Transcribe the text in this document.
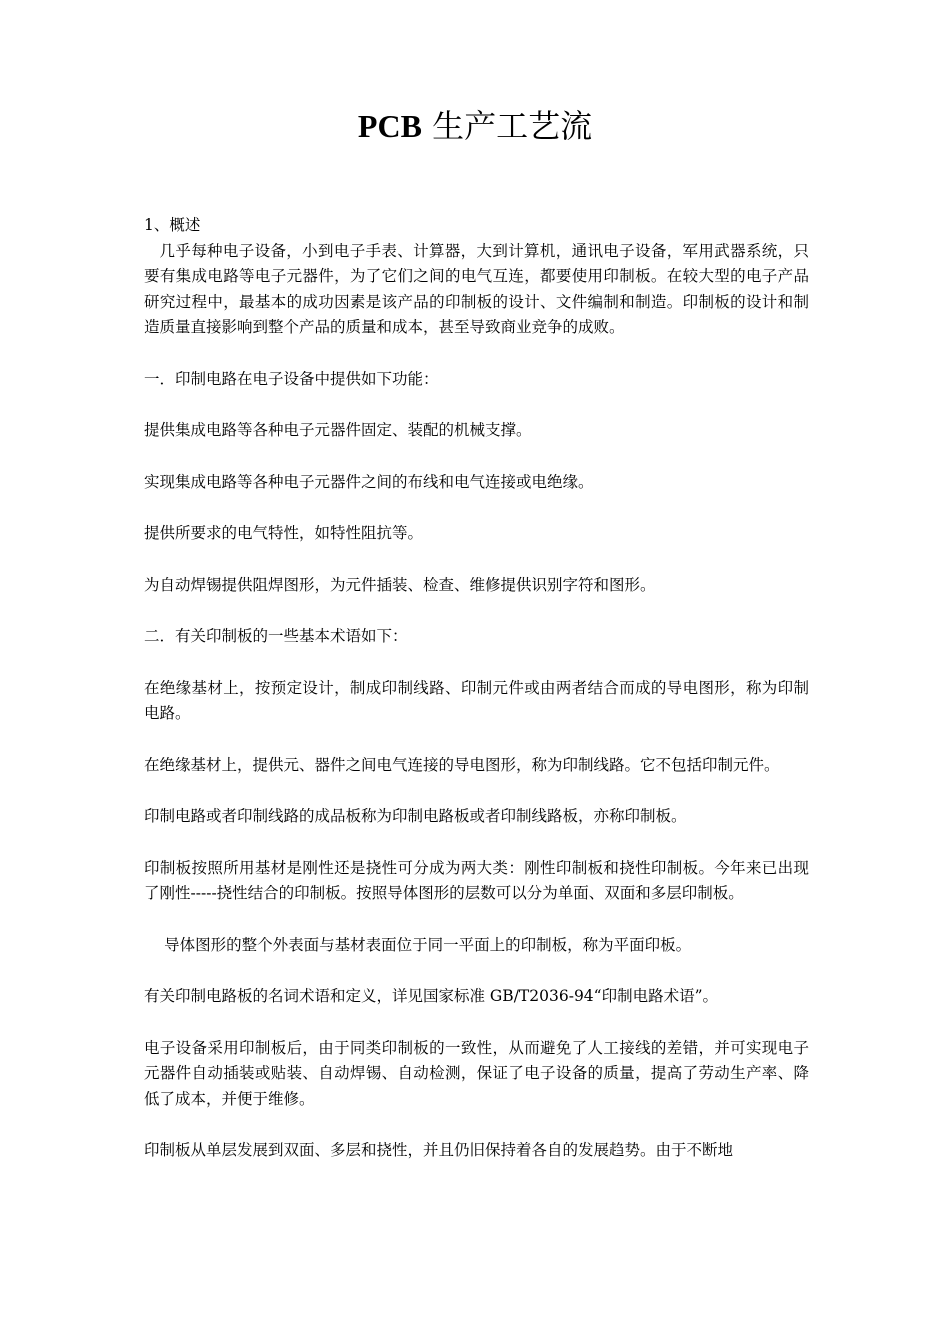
PCB 生产工艺流

1、概述

几乎每种电子设备，小到电子手表、计算器，大到计算机，通讯电子设备，军用武器系统，只要有集成电路等电子元器件，为了它们之间的电气互连，都要使用印制板。在较大型的电子产品研究过程中，最基本的成功因素是该产品的印制板的设计、文件编制和制造。印制板的设计和制造质量直接影响到整个产品的质量和成本，甚至导致商业竞争的成败。

一．印制电路在电子设备中提供如下功能：

提供集成电路等各种电子元器件固定、装配的机械支撑。

实现集成电路等各种电子元器件之间的布线和电气连接或电绝缘。

提供所要求的电气特性，如特性阻抗等。

为自动焊锡提供阻焊图形，为元件插装、检查、维修提供识别字符和图形。

二．有关印制板的一些基本术语如下：

在绝缘基材上，按预定设计，制成印制线路、印制元件或由两者结合而成的导电图形，称为印制电路。

在绝缘基材上，提供元、器件之间电气连接的导电图形，称为印制线路。它不包括印制元件。

印制电路或者印制线路的成品板称为印制电路板或者印制线路板，亦称印制板。

印制板按照所用基材是刚性还是挠性可分成为两大类：刚性印制板和挠性印制板。今年来已出现了刚性-----挠性结合的印制板。按照导体图形的层数可以分为单面、双面和多层印制板。

导体图形的整个外表面与基材表面位于同一平面上的印制板，称为平面印板。

有关印制电路板的名词术语和定义，详见国家标准 GB/T2036-94“印制电路术语”。

电子设备采用印制板后，由于同类印制板的一致性，从而避免了人工接线的差错，并可实现电子元器件自动插装或贴装、自动焊锡、自动检测，保证了电子设备的质量，提高了劳动生产率、降低了成本，并便于维修。

印制板从单层发展到双面、多层和挠性，并且仍旧保持着各自的发展趋势。由于不断地
